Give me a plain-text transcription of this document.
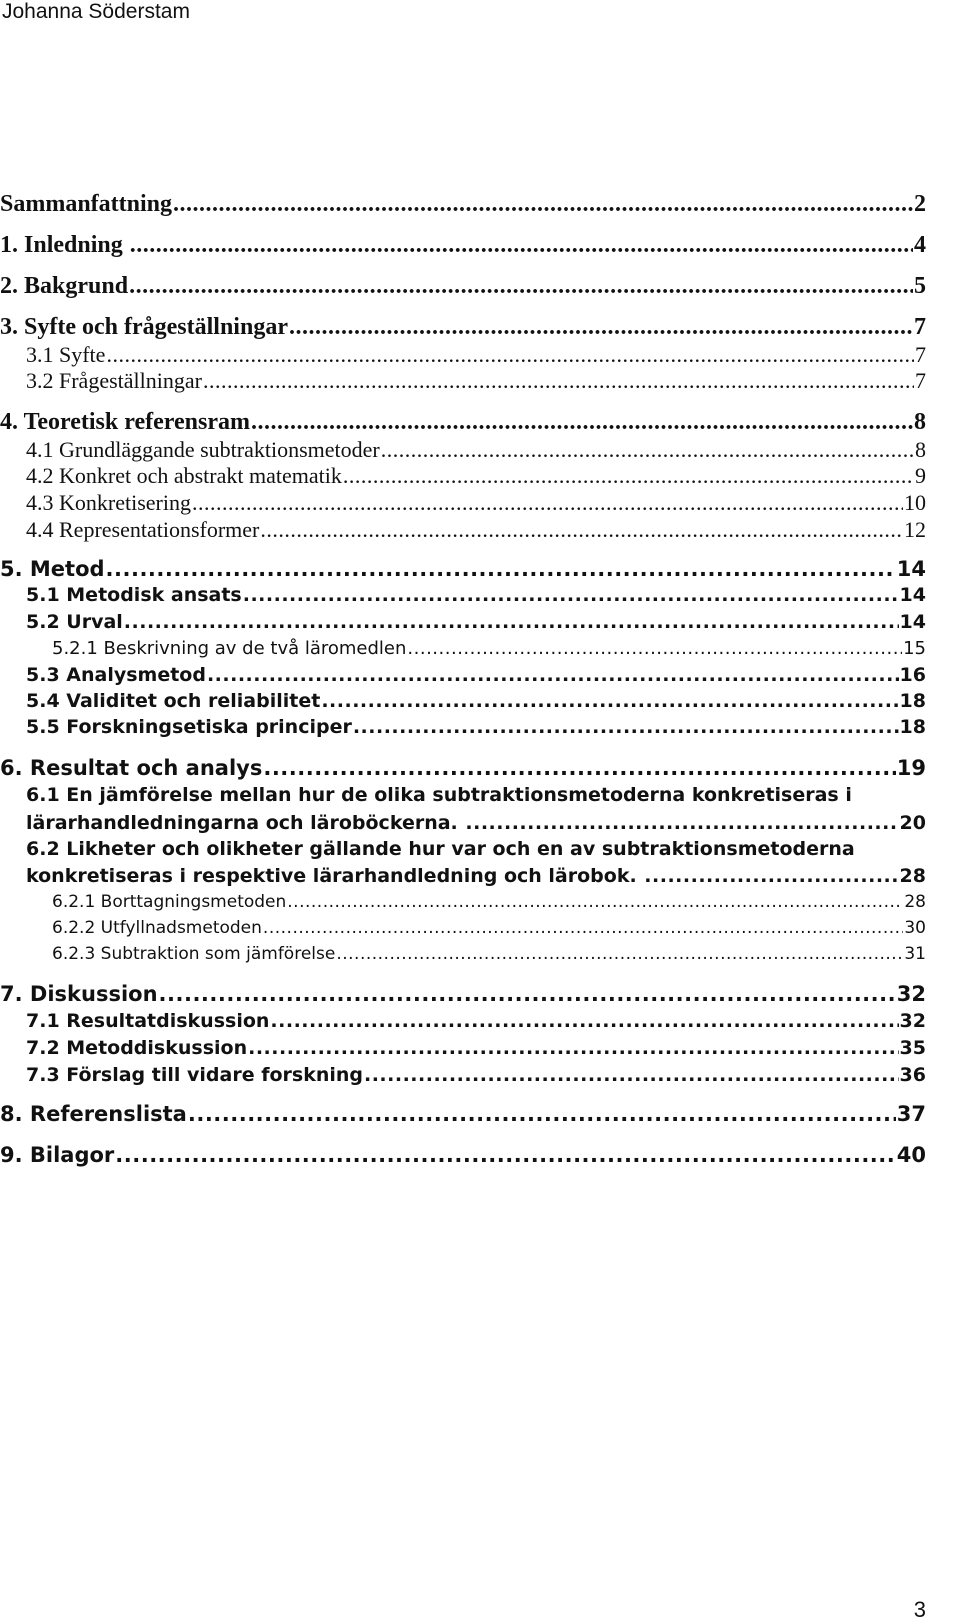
Johanna Söderstam
Sammanfattning .....	2
1. Inledning .....	4
2. Bakgrund .....	5
3. Syfte och frågeställningar .....	7
3.1 Syfte .....	7
3.2 Frågeställningar .....	7
4. Teoretisk referensram .....	8
4.1 Grundläggande subtraktionsmetoder .....	8
4.2 Konkret och abstrakt matematik .....	9
4.3 Konkretisering .....	10
4.4 Representationsformer .....	12
5. Metod .....	14
5.1 Metodisk ansats .....	14
5.2 Urval .....	14
5.2.1 Beskrivning av de två läromedlen .....	15
5.3 Analysmetod .....	16
5.4 Validitet och reliabilitet .....	18
5.5 Forskningsetiska principer .....	18
6. Resultat och analys .....	19
6.1 En jämförelse mellan hur de olika subtraktionsmetoderna konkretiseras i
lärarhandledningarna och läroböckerna. .....	20
6.2 Likheter och olikheter gällande hur var och en av subtraktionsmetoderna
konkretiseras i respektive lärarhandledning och lärobok. .....	28
6.2.1 Borttagningsmetoden .....	28
6.2.2 Utfyllnadsmetoden .....	30
6.2.3 Subtraktion som jämförelse .....	31
7. Diskussion .....	32
7.1 Resultatdiskussion .....	32
7.2 Metoddiskussion .....	35
7.3 Förslag till vidare forskning .....	36
8. Referenslista .....	37
9. Bilagor .....	40
3
